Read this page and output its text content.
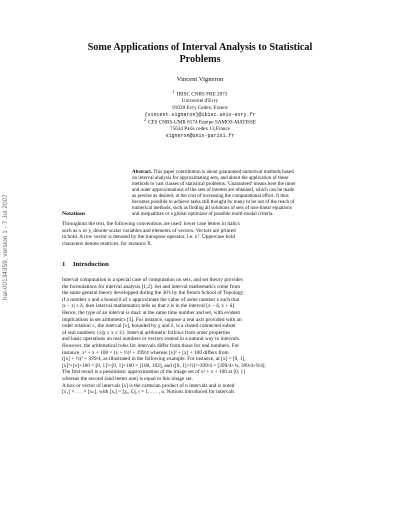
hal-00134359, version 1 - 7 Jul 2007
Some Applications of Interval Analysis to Statistical Problems
Vincent Vigneron
$^1$IBISC CNRS FRE 2873
Université d'Evry
91020 Evry Cedex, France
{vincent.vigneron}@ibisc.univ-evry.fr
$^2$CES CNRS-UMR 8174 Equipe SAMOS-MATISSE
75634 Paris cedex 13,France
vigneron@univ-paris1.fr
Abstract. This paper contribution is about guaranteed numerical methods based
on interval analysis for approximating sets, and about the application of these
methods to vast classes of statistical problems. 'Guaranteed' means here the inner
and outer approximations of the sets of interest are obtained, which can be made
as precise as desired, at the cost of increasing the computational effort. It thus
becomes possible to achieve tasks still thought by many to be out of the reach of
numerical methods, such as finding all solutions of sets of non-linear equations
and inequalities or a global optimizer of possible multi-modal criteria.
Notations
Throughout the text, the following conventions are used: lower case letters in italics
such as x or y, denote scalar variables and elements of vectors. Vectors are printed
in bold. A row vector is denoted by the transpose operator, i.e. xᵀ. Uppercase bold
characters denote matrices, for instance X.
1 Introduction
Interval computation is a special case of computation on sets, and set theory provides
the formulations for interval analysis [1,2]. Set and interval mathematics come from
the same general theory developped during the 30's by the french School of Topology:
if a number x and a bound δ of x approximate the value of some number z such that
|x − z| ≤ δ, then interval mathematics tells us that z is in the interval [x − δ, x + δ].
Hence, the type of an interval is dual: at the same time number and set, with evident
implications in set arithmetics [3]. For instance, suppose a real axis provided with an
order relation ≤, the interval [x], bounded by x̲ and x̄, is a closed connected subset
of real numbers {x|x̲ ≤ x ≤ x̄}. Interval arithmetic follows from order properties
and basic operations on real numbers or vectors extend in a natural way to intervals.
However, the arithmetical rules for intervals differ from those for real numbers. For
instance, x² + x + 100 = (x + ½)² + 399/4 whereas [x]² + [x] + 100 differs from
([x] + ½)² + 399/4, as illustrated in the following example. For instance, at [x] = [0, 1],
[x]²+[x]+100 = [0, 1]²+[0, 1]+100 = [100, 102], and ([0, 1]+½)²+399/4 = [399/4+¼, 399/4+9/4].
The first result is a pessimistic approximation of the image set of x² + x + 100 at [0, 1]
whereas the second (and better one) is equal to this image set.
A box or vector of intervals [x] is the cartesian product of n intervals and is noted
[x₁] × . . . × [xₙ], with [xᵢ] = [x̲ᵢ, x̄ᵢ], i = 1, . . . , n. Notions introduced for intervals
